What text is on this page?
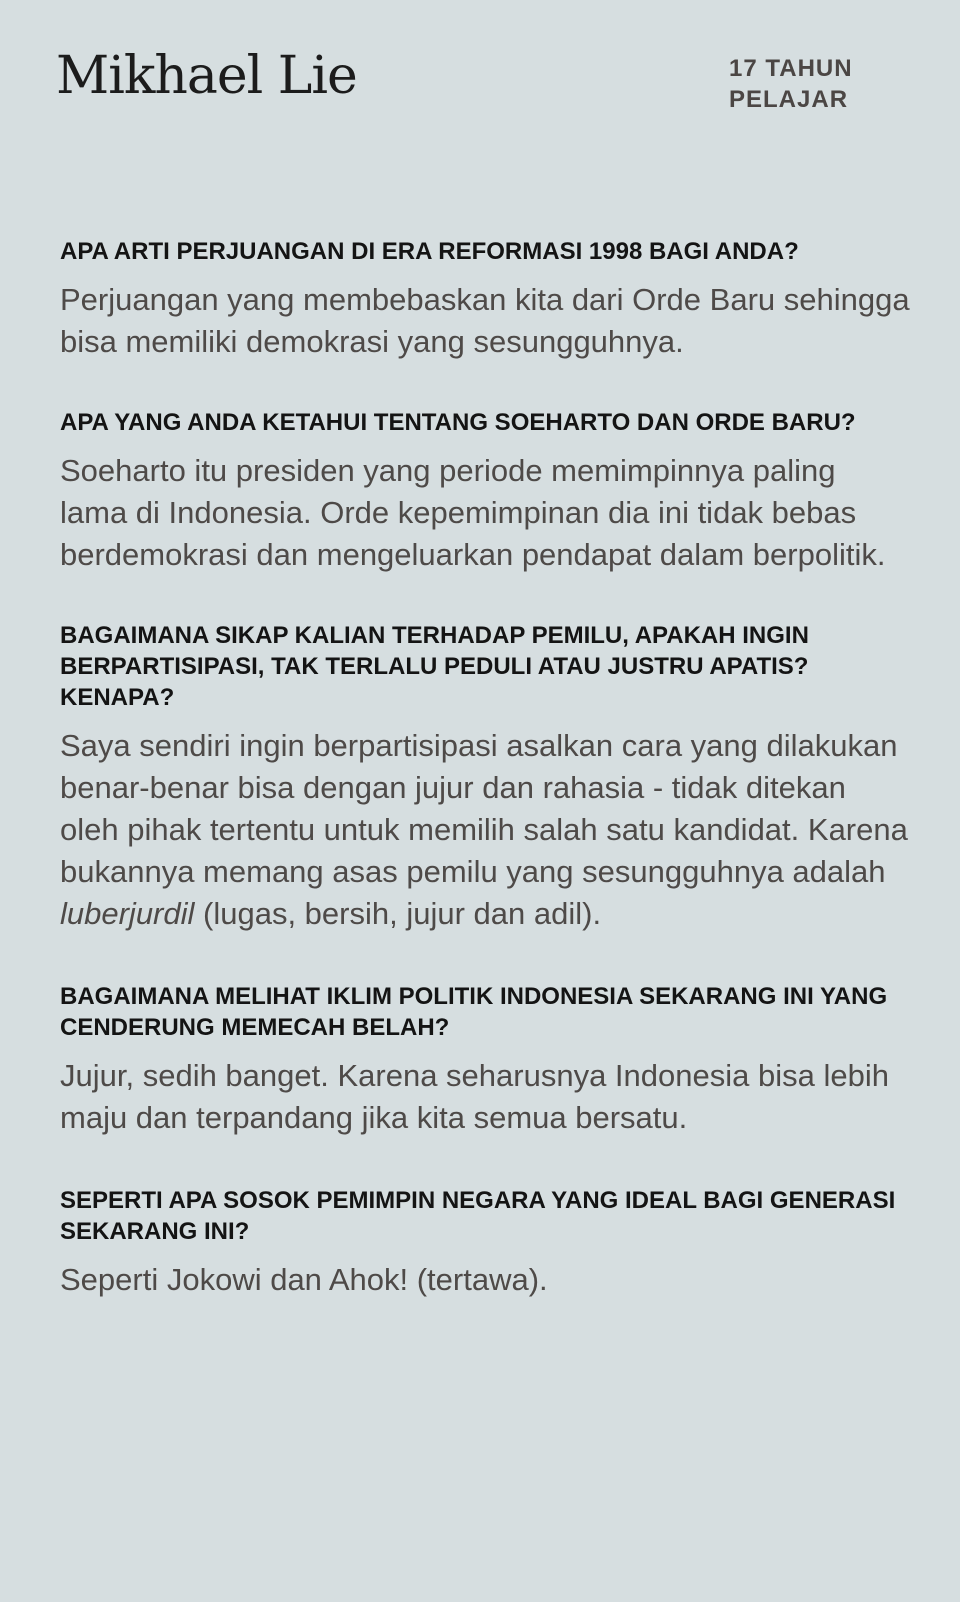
Mikhael Lie	17 TAHUN
PELAJAR

APA ARTI PERJUANGAN DI ERA REFORMASI 1998 BAGI ANDA?

Perjuangan yang membebaskan kita dari Orde Baru sehingga bisa memiliki demokrasi yang sesungguhnya.

APA YANG ANDA KETAHUI TENTANG SOEHARTO DAN ORDE BARU?

Soeharto itu presiden yang periode memimpinnya paling lama di Indonesia. Orde kepemimpinan dia ini tidak bebas berdemokrasi dan mengeluarkan pendapat dalam berpolitik.

BAGAIMANA SIKAP KALIAN TERHADAP PEMILU, APAKAH INGIN BERPARTISIPASI, TAK TERLALU PEDULI ATAU JUSTRU APATIS? KENAPA?

Saya sendiri ingin berpartisipasi asalkan cara yang dilakukan benar-benar bisa dengan jujur dan rahasia - tidak ditekan oleh pihak tertentu untuk memilih salah satu kandidat. Karena bukannya memang asas pemilu yang sesungguhnya adalah luberjurdil (lugas, bersih, jujur dan adil).

BAGAIMANA MELIHAT IKLIM POLITIK INDONESIA SEKARANG INI YANG CENDERUNG MEMECAH BELAH?

Jujur, sedih banget. Karena seharusnya Indonesia bisa lebih maju dan terpandang jika kita semua bersatu.

SEPERTI APA SOSOK PEMIMPIN NEGARA YANG IDEAL BAGI GENERASI SEKARANG INI?

Seperti Jokowi dan Ahok! (tertawa).
